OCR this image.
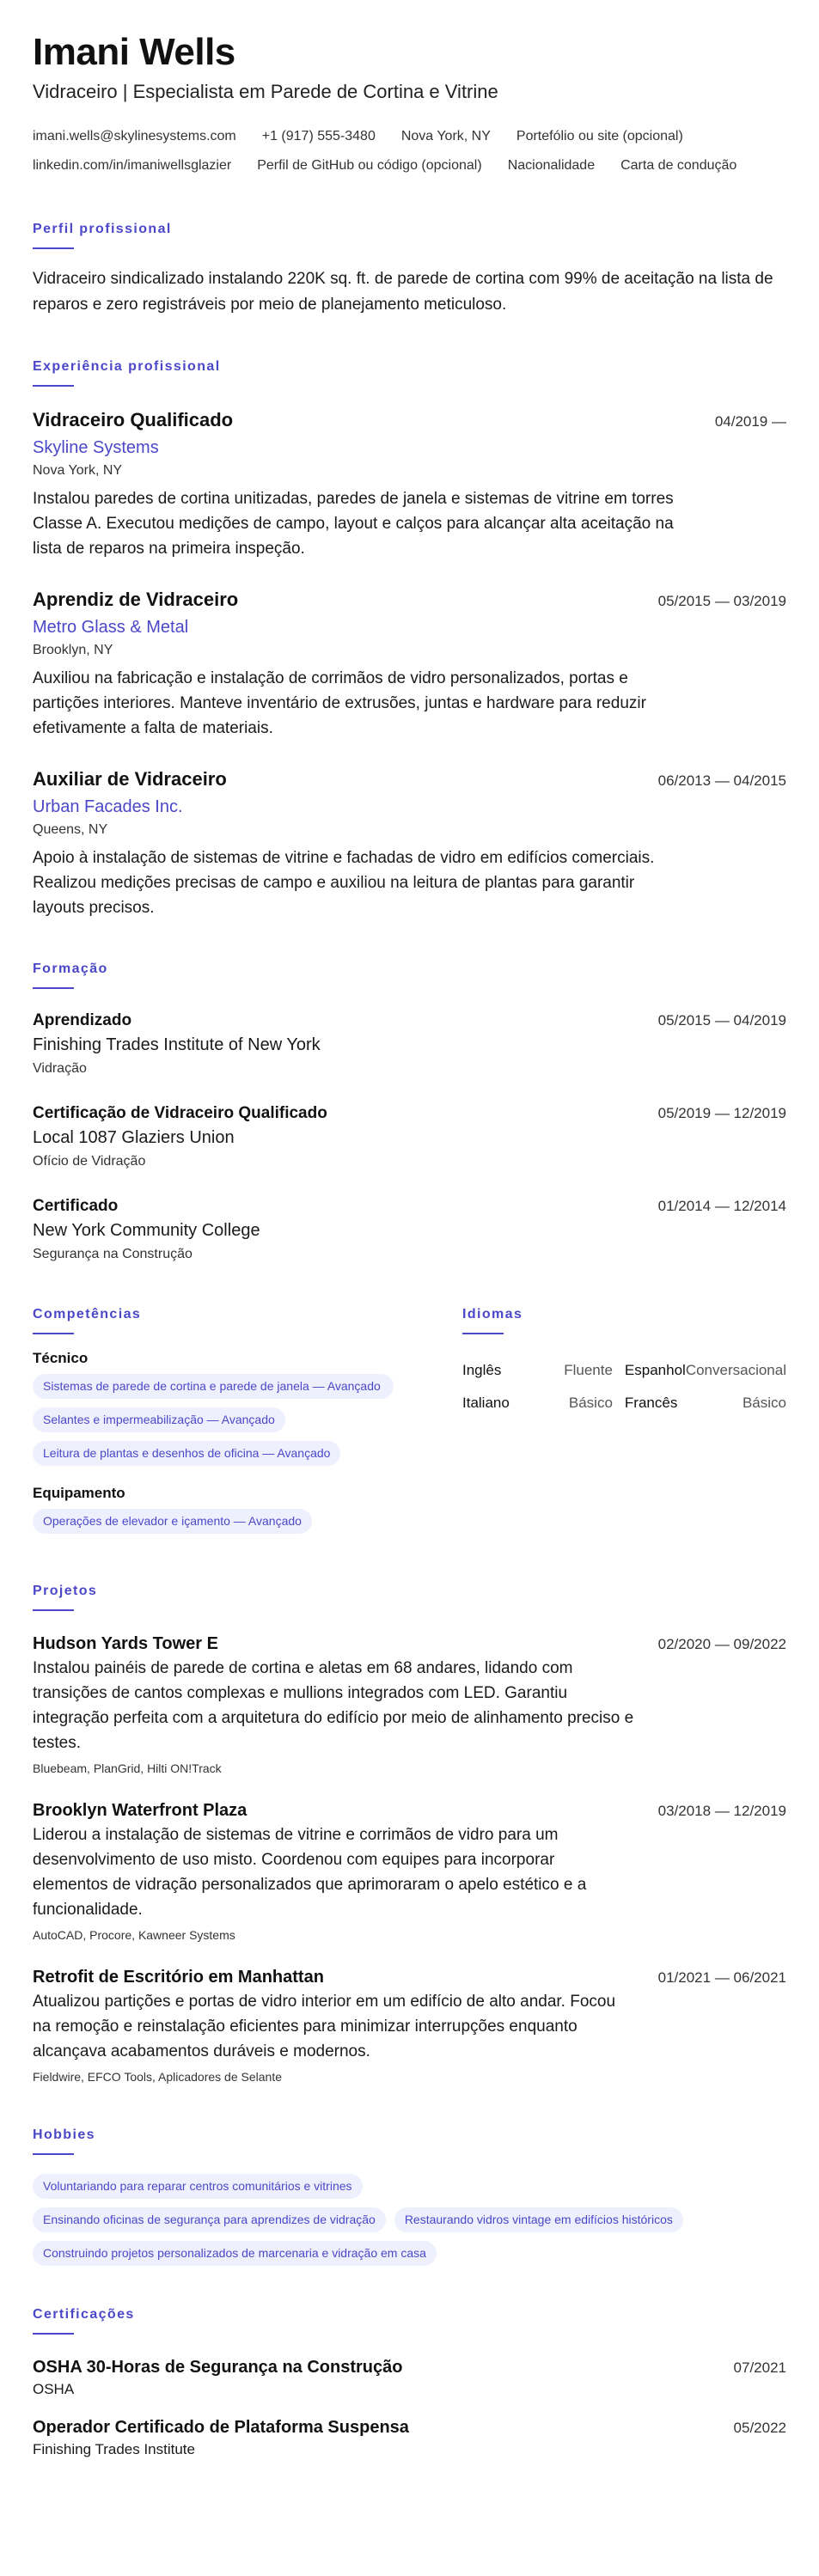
Imani Wells
Vidraceiro | Especialista em Parede de Cortina e Vitrine
imani.wells@skylinesystems.com +1 (917) 555-3480 Nova York, NY Portefólio ou site (opcional)
linkedin.com/in/imaniwellsglazier Perfil de GitHub ou código (opcional) Nacionalidade Carta de condução
Perfil profissional
Vidraceiro sindicalizado instalando 220K sq. ft. de parede de cortina com 99% de aceitação na lista de reparos e zero registráveis por meio de planejamento meticuloso.
Experiência profissional
Vidraceiro Qualificado	04/2019 —
Skyline Systems
Nova York, NY
Instalou paredes de cortina unitizadas, paredes de janela e sistemas de vitrine em torres Classe A. Executou medições de campo, layout e calços para alcançar alta aceitação na lista de reparos na primeira inspeção.
Aprendiz de Vidraceiro	05/2015 — 03/2019
Metro Glass & Metal
Brooklyn, NY
Auxiliou na fabricação e instalação de corrimãos de vidro personalizados, portas e partições interiores. Manteve inventário de extrusões, juntas e hardware para reduzir efetivamente a falta de materiais.
Auxiliar de Vidraceiro	06/2013 — 04/2015
Urban Facades Inc.
Queens, NY
Apoio à instalação de sistemas de vitrine e fachadas de vidro em edifícios comerciais. Realizou medições precisas de campo e auxiliou na leitura de plantas para garantir layouts precisos.
Formação
Aprendizado	05/2015 — 04/2019
Finishing Trades Institute of New York
Vidração
Certificação de Vidraceiro Qualificado	05/2019 — 12/2019
Local 1087 Glaziers Union
Ofício de Vidração
Certificado	01/2014 — 12/2014
New York Community College
Segurança na Construção
Competências
Técnico
Sistemas de parede de cortina e parede de janela — Avançado
Selantes e impermeabilização — Avançado
Leitura de plantas e desenhos de oficina — Avançado
Equipamento
Operações de elevador e içamento — Avançado
Idiomas
Inglês	Fluente Espanhol Conversacional
Italiano	Básico Francês	Básico
Projetos
Hudson Yards Tower E	02/2020 — 09/2022
Instalou painéis de parede de cortina e aletas em 68 andares, lidando com transições de cantos complexas e mullions integrados com LED. Garantiu integração perfeita com a arquitetura do edifício por meio de alinhamento preciso e testes.
Bluebeam, PlanGrid, Hilti ON!Track
Brooklyn Waterfront Plaza	03/2018 — 12/2019
Liderou a instalação de sistemas de vitrine e corrimãos de vidro para um desenvolvimento de uso misto. Coordenou com equipes para incorporar elementos de vidração personalizados que aprimoraram o apelo estético e a funcionalidade.
AutoCAD, Procore, Kawneer Systems
Retrofit de Escritório em Manhattan	01/2021 — 06/2021
Atualizou partições e portas de vidro interior em um edifício de alto andar. Focou na remoção e reinstalação eficientes para minimizar interrupções enquanto alcançava acabamentos duráveis e modernos.
Fieldwire, EFCO Tools, Aplicadores de Selante
Hobbies
Voluntariando para reparar centros comunitários e vitrines
Ensinando oficinas de segurança para aprendizes de vidração	Restaurando vidros vintage em edifícios históricos
Construindo projetos personalizados de marcenaria e vidração em casa
Certificações
OSHA 30-Horas de Segurança na Construção	07/2021
OSHA
Operador Certificado de Plataforma Suspensa	05/2022
Finishing Trades Institute
